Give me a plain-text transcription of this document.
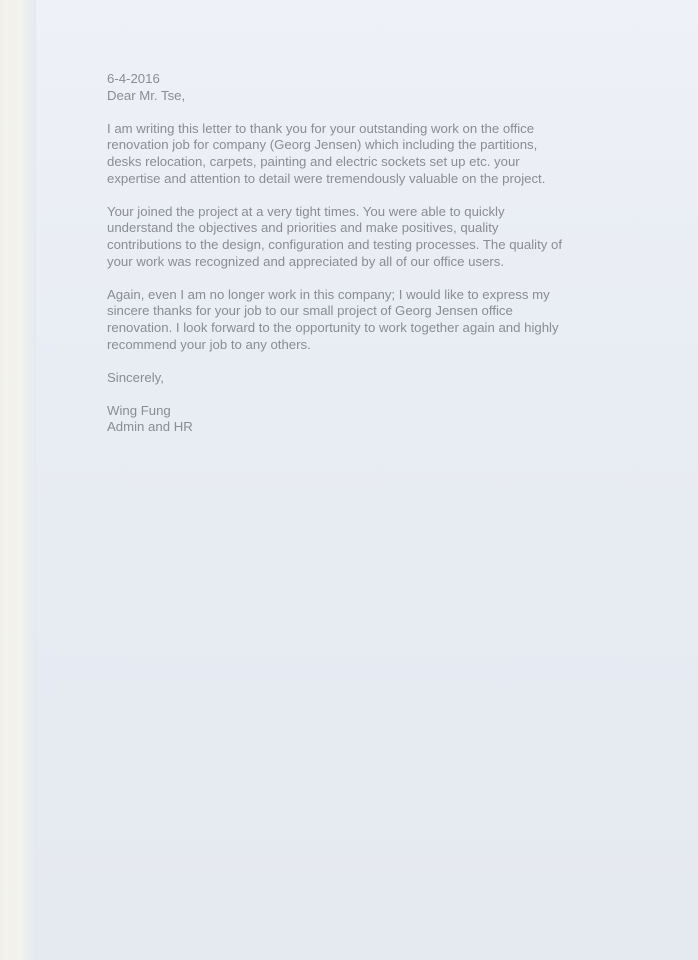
6-4-2016

Dear Mr. Tse,

I am writing this letter to thank you for your outstanding work on the office
renovation job for company (Georg Jensen) which including the partitions,
desks relocation, carpets, painting and electric sockets set up etc. your
expertise and attention to detail were tremendously valuable on the project.
Your joined the project at a very tight times. You were able to quickly
understand the objectives and priorities and make positives, quality
contributions to the design, configuration and testing processes. The quality of
your work was recognized and appreciated by all of our office users.
Again, even I am no longer work in this company; I would like to express my
sincere thanks for your job to our small project of Georg Jensen office
renovation. I look forward to the opportunity to work together again and highly
recommend your job to any others.

Sincerely,

Wing Fung

Admin and HR
